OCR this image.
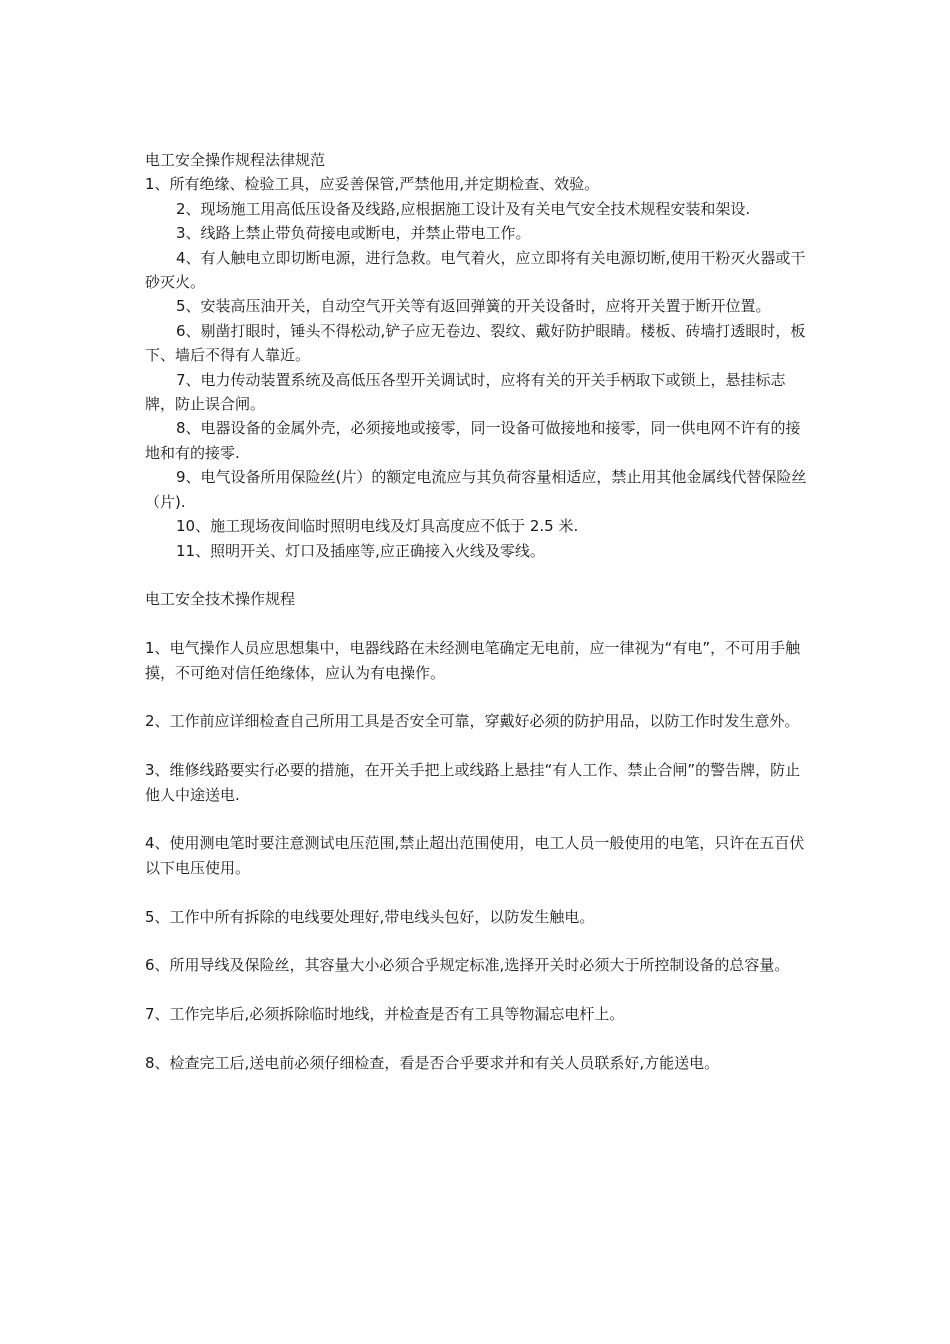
电工安全操作规程法律规范

1、所有绝缘、检验工具，应妥善保管,严禁他用,并定期检查、效验。

2、现场施工用高低压设备及线路,应根据施工设计及有关电气安全技术规程安装和架设.

3、线路上禁止带负荷接电或断电，并禁止带电工作。

4、有人触电立即切断电源，进行急救。电气着火，应立即将有关电源切断,使用干粉灭火器或干砂灭火。

5、安装高压油开关，自动空气开关等有返回弹簧的开关设备时，应将开关置于断开位置。

6、剔凿打眼时，锤头不得松动,铲子应无卷边、裂纹、戴好防护眼睛。楼板、砖墙打透眼时，板下、墙后不得有人靠近。

7、电力传动装置系统及高低压各型开关调试时，应将有关的开关手柄取下或锁上，悬挂标志牌，防止误合闸。

8、电器设备的金属外壳，必须接地或接零，同一设备可做接地和接零，同一供电网不许有的接地和有的接零.

9、电气设备所用保险丝(片）的额定电流应与其负荷容量相适应，禁止用其他金属线代替保险丝（片).

10、施工现场夜间临时照明电线及灯具高度应不低于 2.5 米.

11、照明开关、灯口及插座等,应正确接入火线及零线。

电工安全技术操作规程

1、电气操作人员应思想集中，电器线路在未经测电笔确定无电前，应一律视为“有电”，不可用手触摸，不可绝对信任绝缘体，应认为有电操作。

2、工作前应详细检查自己所用工具是否安全可靠，穿戴好必须的防护用品，以防工作时发生意外。

3、维修线路要实行必要的措施，在开关手把上或线路上悬挂“有人工作、禁止合闸”的警告牌，防止他人中途送电.

4、使用测电笔时要注意测试电压范围,禁止超出范围使用，电工人员一般使用的电笔，只许在五百伏以下电压使用。

5、工作中所有拆除的电线要处理好,带电线头包好，以防发生触电。

6、所用导线及保险丝，其容量大小必须合乎规定标准,选择开关时必须大于所控制设备的总容量。

7、工作完毕后,必须拆除临时地线，并检查是否有工具等物漏忘电杆上。

8、检查完工后,送电前必须仔细检查，看是否合乎要求并和有关人员联系好,方能送电。
